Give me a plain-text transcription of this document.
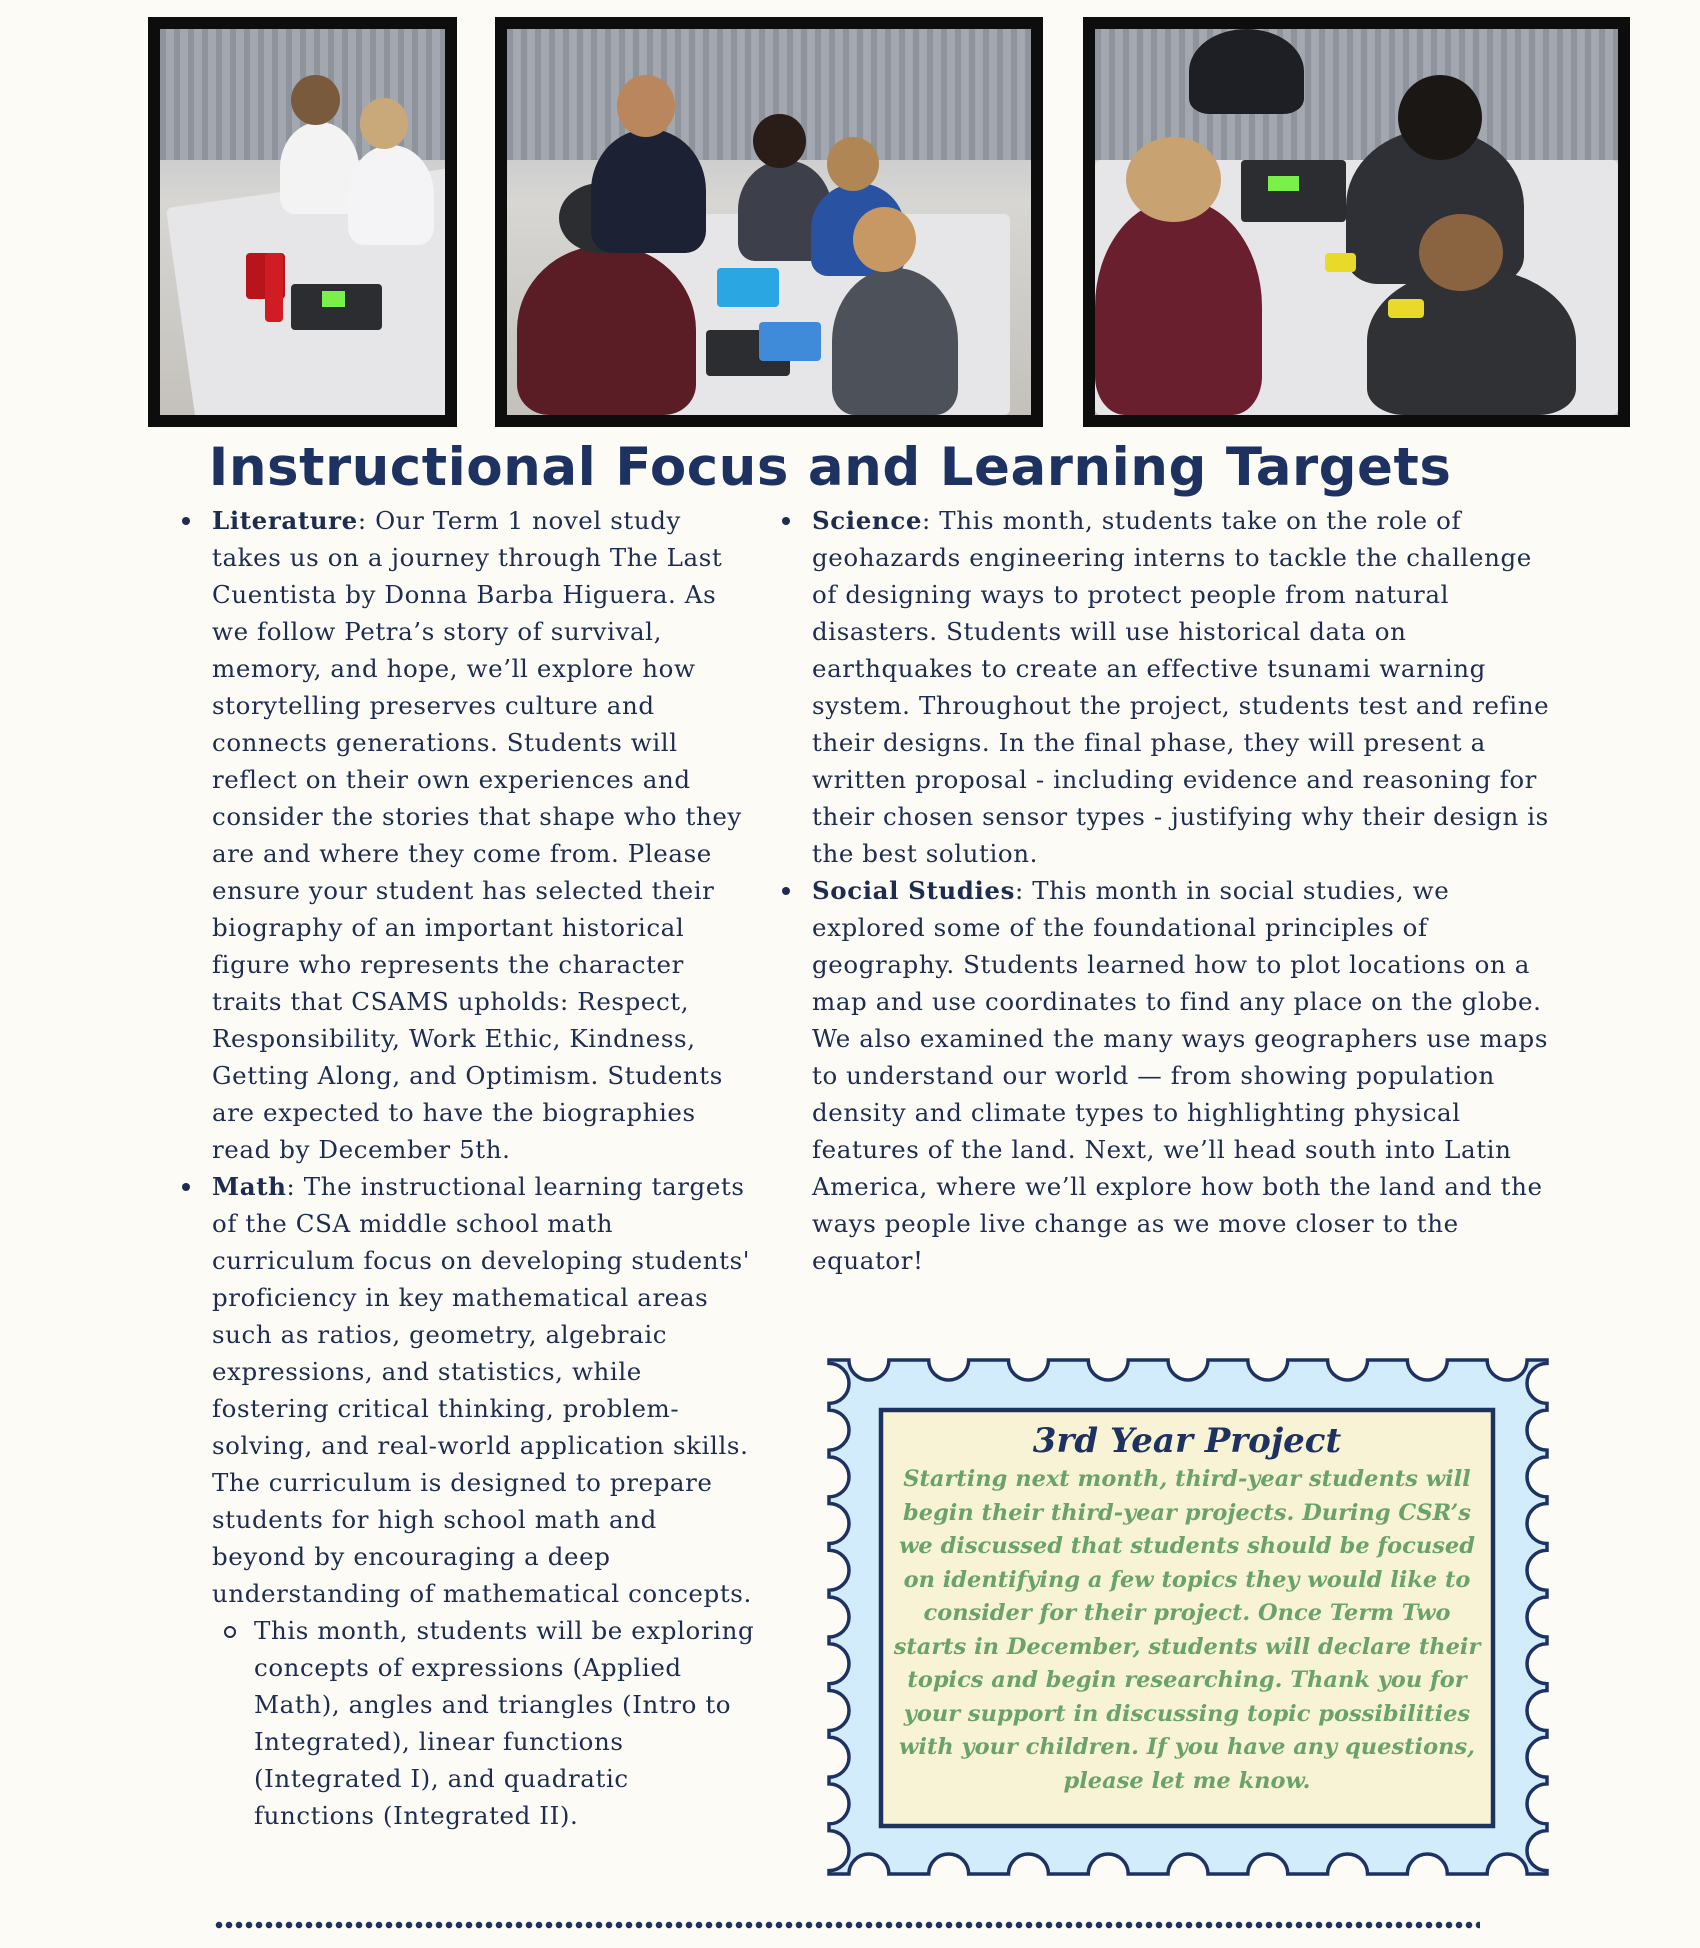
Instructional Focus and Learning Targets
Literature: Our Term 1 novel study takes us on a journey through The Last Cuentista by Donna Barba Higuera. As we follow Petra’s story of survival, memory, and hope, we’ll explore how storytelling preserves culture and connects generations. Students will reflect on their own experiences and consider the stories that shape who they are and where they come from. Please ensure your student has selected their biography of an important historical figure who represents the character traits that CSAMS upholds: Respect, Responsibility, Work Ethic, Kindness, Getting Along, and Optimism. Students are expected to have the biographies read by December 5th.
Math: The instructional learning targets of the CSA middle school math curriculum focus on developing students' proficiency in key mathematical areas such as ratios, geometry, algebraic expressions, and statistics, while fostering critical thinking, problem-solving, and real-world application skills. The curriculum is designed to prepare students for high school math and beyond by encouraging a deep understanding of mathematical concepts.
This month, students will be exploring concepts of expressions (Applied Math), angles and triangles (Intro to Integrated), linear functions (Integrated I), and quadratic functions (Integrated II).
Science: This month, students take on the role of geohazards engineering interns to tackle the challenge of designing ways to protect people from natural disasters. Students will use historical data on earthquakes to create an effective tsunami warning system. Throughout the project, students test and refine their designs. In the final phase, they will present a written proposal - including evidence and reasoning for their chosen sensor types - justifying why their design is the best solution.
Social Studies: This month in social studies, we explored some of the foundational principles of geography. Students learned how to plot locations on a map and use coordinates to find any place on the globe. We also examined the many ways geographers use maps to understand our world — from showing population density and climate types to highlighting physical features of the land. Next, we’ll head south into Latin America, where we’ll explore how both the land and the ways people live change as we move closer to the equator!
3rd Year Project
Starting next month, third-year students will begin their third-year projects. During CSR’s we discussed that students should be focused on identifying a few topics they would like to consider for their project. Once Term Two starts in December, students will declare their topics and begin researching. Thank you for your support in discussing topic possibilities with your children. If you have any questions, please let me know.
